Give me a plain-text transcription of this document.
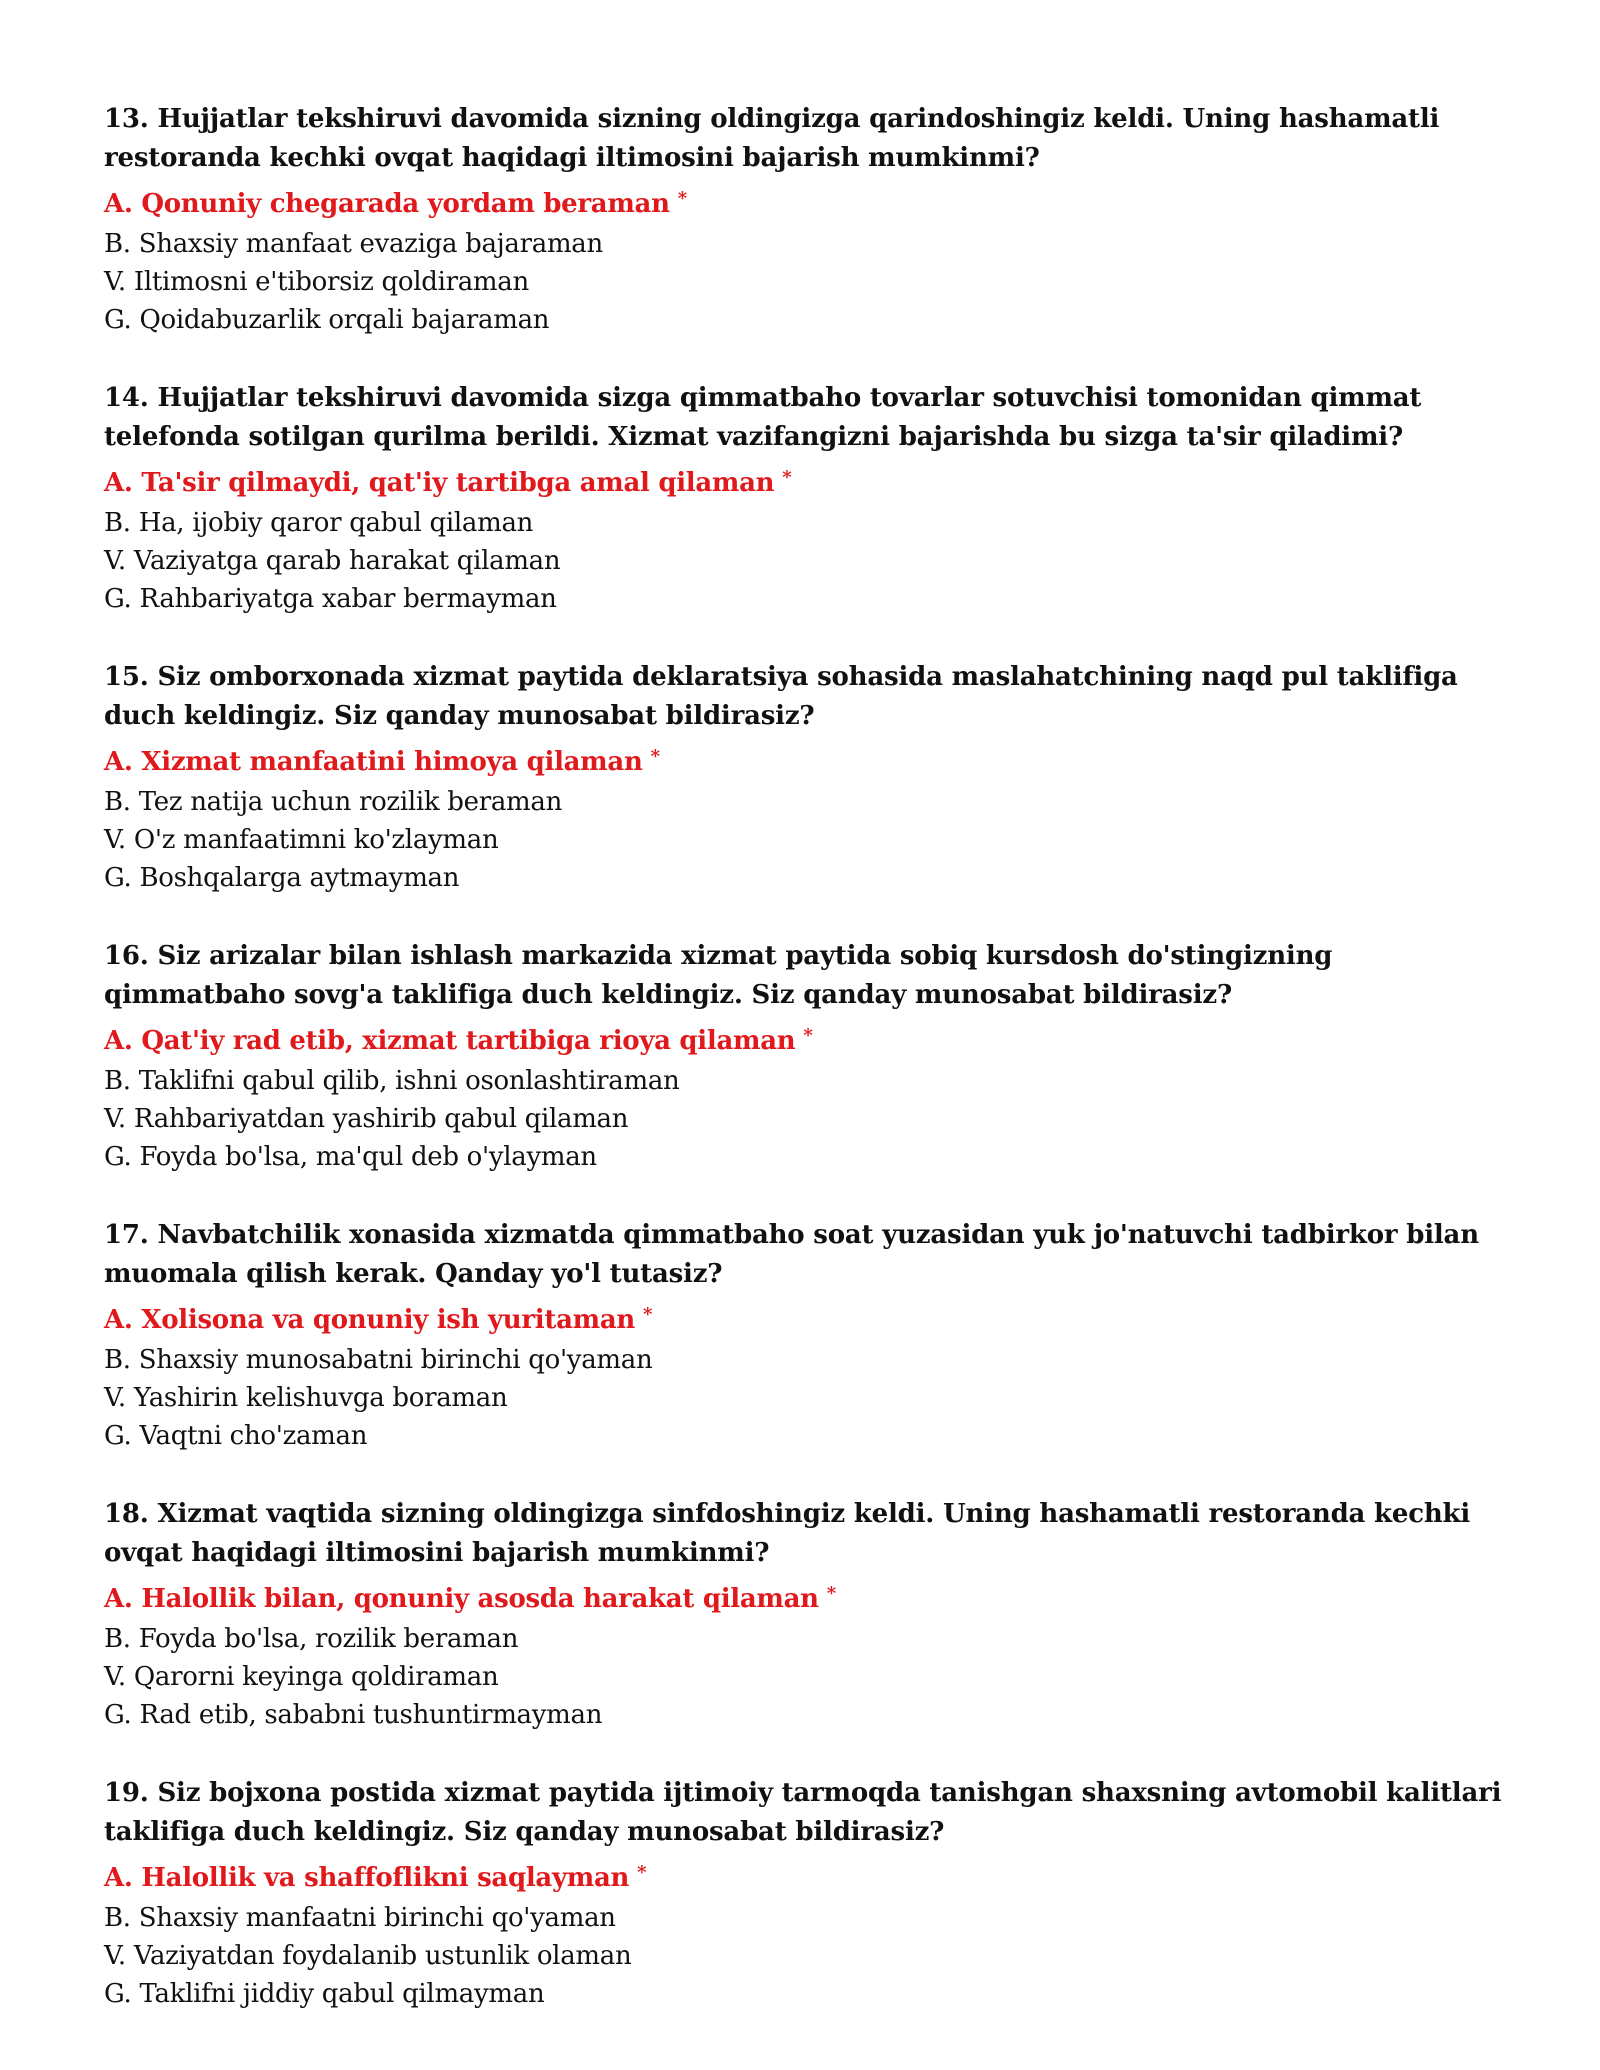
13. Hujjatlar tekshiruvi davomida sizning oldingizga qarindoshingiz keldi. Uning hashamatli restoranda kechki ovqat haqidagi iltimosini bajarish mumkinmi?

A. Qonuniy chegarada yordam beraman *

B. Shaxsiy manfaat evaziga bajaraman

V. Iltimosni e'tiborsiz qoldiraman

G. Qoidabuzarlik orqali bajaraman

14. Hujjatlar tekshiruvi davomida sizga qimmatbaho tovarlar sotuvchisi tomonidan qimmat telefonda sotilgan qurilma berildi. Xizmat vazifangizni bajarishda bu sizga ta'sir qiladimi?

A. Ta'sir qilmaydi, qat'iy tartibga amal qilaman *

B. Ha, ijobiy qaror qabul qilaman

V. Vaziyatga qarab harakat qilaman

G. Rahbariyatga xabar bermayman

15. Siz omborxonada xizmat paytida deklaratsiya sohasida maslahatchining naqd pul taklifiga duch keldingiz. Siz qanday munosabat bildirasiz?

A. Xizmat manfaatini himoya qilaman *

B. Tez natija uchun rozilik beraman

V. O'z manfaatimni ko'zlayman

G. Boshqalarga aytmayman

16. Siz arizalar bilan ishlash markazida xizmat paytida sobiq kursdosh do'stingizning qimmatbaho sovg'a taklifiga duch keldingiz. Siz qanday munosabat bildirasiz?

A. Qat'iy rad etib, xizmat tartibiga rioya qilaman *

B. Taklifni qabul qilib, ishni osonlashtiraman

V. Rahbariyatdan yashirib qabul qilaman

G. Foyda bo'lsa, ma'qul deb o'ylayman

17. Navbatchilik xonasida xizmatda qimmatbaho soat yuzasidan yuk jo'natuvchi tadbirkor bilan muomala qilish kerak. Qanday yo'l tutasiz?

A. Xolisona va qonuniy ish yuritaman *

B. Shaxsiy munosabatni birinchi qo'yaman

V. Yashirin kelishuvga boraman

G. Vaqtni cho'zaman

18. Xizmat vaqtida sizning oldingizga sinfdoshingiz keldi. Uning hashamatli restoranda kechki ovqat haqidagi iltimosini bajarish mumkinmi?

A. Halollik bilan, qonuniy asosda harakat qilaman *

B. Foyda bo'lsa, rozilik beraman

V. Qarorni keyinga qoldiraman

G. Rad etib, sababni tushuntirmayman

19. Siz bojxona postida xizmat paytida ijtimoiy tarmoqda tanishgan shaxsning avtomobil kalitlari taklifiga duch keldingiz. Siz qanday munosabat bildirasiz?

A. Halollik va shaffoflikni saqlayman *

B. Shaxsiy manfaatni birinchi qo'yaman

V. Vaziyatdan foydalanib ustunlik olaman

G. Taklifni jiddiy qabul qilmayman
